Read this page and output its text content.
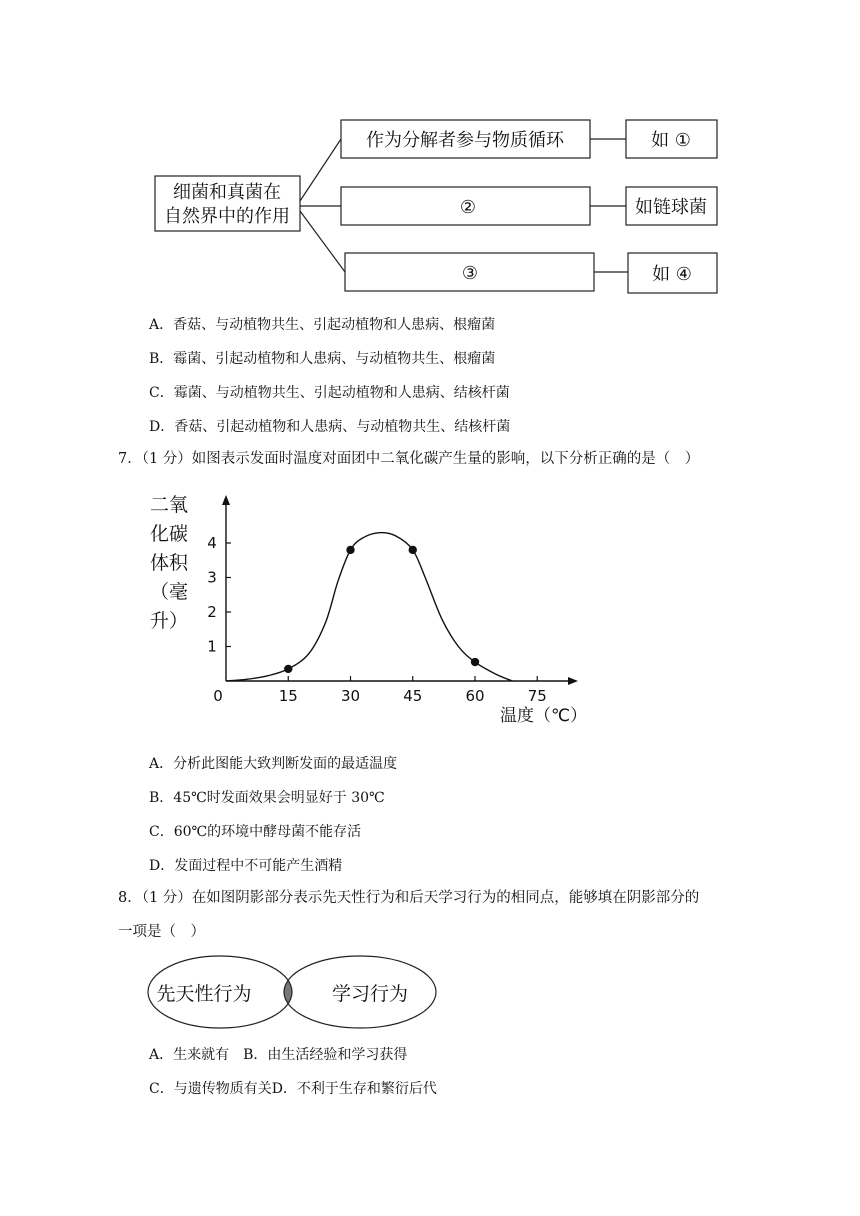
细菌和真菌在
自然界中的作用
作为分解者参与物质循环	如 ①
②	如链球菌
③	如 ④
A．香菇、与动植物共生、引起动植物和人患病、根瘤菌
B．霉菌、引起动植物和人患病、与动植物共生、根瘤菌
C．霉菌、与动植物共生、引起动植物和人患病、结核杆菌
D．香菇、引起动植物和人患病、与动植物共生、结核杆菌
7．（1 分）如图表示发面时温度对面团中二氧化碳产生量的影响，以下分析正确的是（　）
二氧
化碳
体积
（毫
升）
0	15	30	45	60	75
1
2
3
4
温度（℃）
A．分析此图能大致判断发面的最适温度
B．45℃时发面效果会明显好于 30℃
C．60℃的环境中酵母菌不能存活
D．发面过程中不可能产生酒精
8．（1 分）在如图阴影部分表示先天性行为和后天学习行为的相同点，能够填在阴影部分的
一项是（　）
先天性行为	学习行为
A．生来就有　B．由生活经验和学习获得
C．与遗传物质有关D．不利于生存和繁衍后代
